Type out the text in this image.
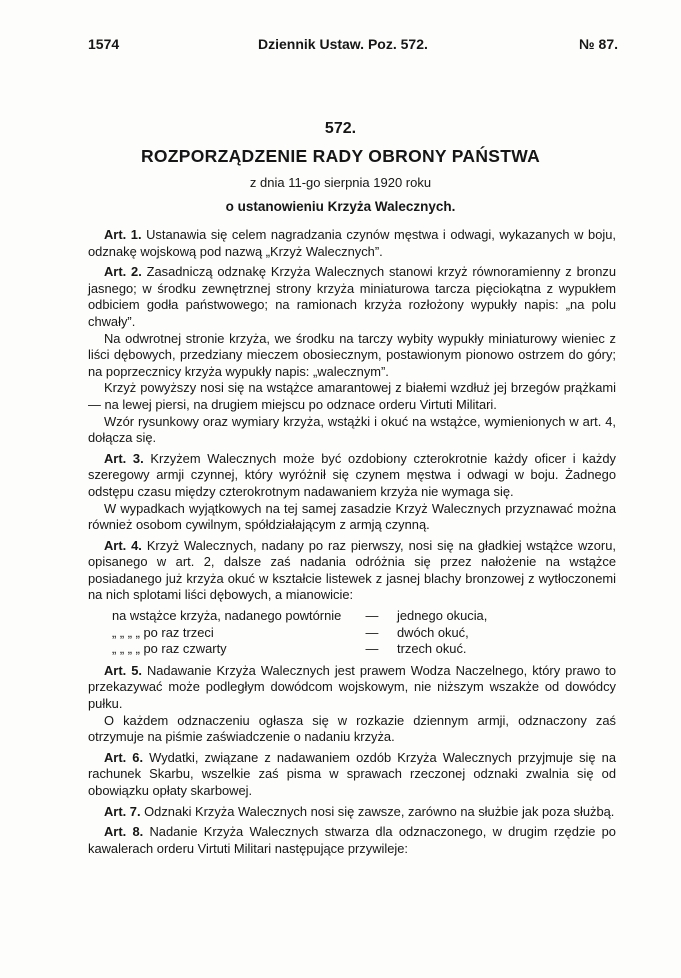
1574	Dziennik Ustaw. Poz. 572.	№ 87.
572.
ROZPORZĄDZENIE RADY OBRONY PAŃSTWA
z dnia 11-go sierpnia 1920 roku
o ustanowieniu Krzyża Walecznych.

Art. 1. Ustanawia się celem nagradzania czynów męstwa i odwagi, wykazanych w boju, odznakę wojskową pod nazwą „Krzyż Walecznych”.

Art. 2. Zasadniczą odznakę Krzyża Walecznych stanowi krzyż równoramienny z bronzu jasnego; w środku zewnętrznej strony krzyża miniaturowa tarcza pięciokątna z wypukłem odbiciem godła państwowego; na ramionach krzyża rozłożony wypukły napis: „na polu chwały”.

Na odwrotnej stronie krzyża, we środku na tarczy wybity wypukły miniaturowy wieniec z liści dębowych, przedziany mieczem obosiecznym, postawionym pionowo ostrzem do góry; na poprzecznicy krzyża wypukły napis: „walecznym”.

Krzyż powyższy nosi się na wstążce amarantowej z białemi wzdłuż jej brzegów prążkami — na lewej piersi, na drugiem miejscu po odznace orderu Virtuti Militari.

Wzór rysunkowy oraz wymiary krzyża, wstążki i okuć na wstążce, wymienionych w art. 4, dołącza się.

Art. 3. Krzyżem Walecznych może być ozdobiony czterokrotnie każdy oficer i każdy szeregowy armji czynnej, który wyróżnił się czynem męstwa i odwagi w boju. Żadnego odstępu czasu między czterokrotnym nadawaniem krzyża nie wymaga się.

W wypadkach wyjątkowych na tej samej zasadzie Krzyż Walecznych przyznawać można również osobom cywilnym, spółdziałającym z armją czynną.

Art. 4. Krzyż Walecznych, nadany po raz pierwszy, nosi się na gładkiej wstążce wzoru, opisanego w art. 2, dalsze zaś nadania odróżnia się przez nałożenie na wstążce posiadanego już krzyża okuć w kształcie listewek z jasnej blachy bronzowej z wytłoczonemi na nich splotami liści dębowych, a mianowicie:

na wstążce krzyża, nadanego powtórnie	—	jednego okucia,
„ „ „ „ po raz trzeci	—	dwóch okuć,
„ „ „ „ po raz czwarty	—	trzech okuć.

Art. 5. Nadawanie Krzyża Walecznych jest prawem Wodza Naczelnego, który prawo to przekazywać może podległym dowódcom wojskowym, nie niższym wszakże od dowódcy pułku.

O każdem odznaczeniu ogłasza się w rozkazie dziennym armji, odznaczony zaś otrzymuje na piśmie zaświadczenie o nadaniu krzyża.

Art. 6. Wydatki, związane z nadawaniem ozdób Krzyża Walecznych przyjmuje się na rachunek Skarbu, wszelkie zaś pisma w sprawach rzeczonej odznaki zwalnia się od obowiązku opłaty skarbowej.

Art. 7. Odznaki Krzyża Walecznych nosi się zawsze, zarówno na służbie jak poza służbą.

Art. 8. Nadanie Krzyża Walecznych stwarza dla odznaczonego, w drugim rzędzie po kawalerach orderu Virtuti Militari następujące przywileje:
